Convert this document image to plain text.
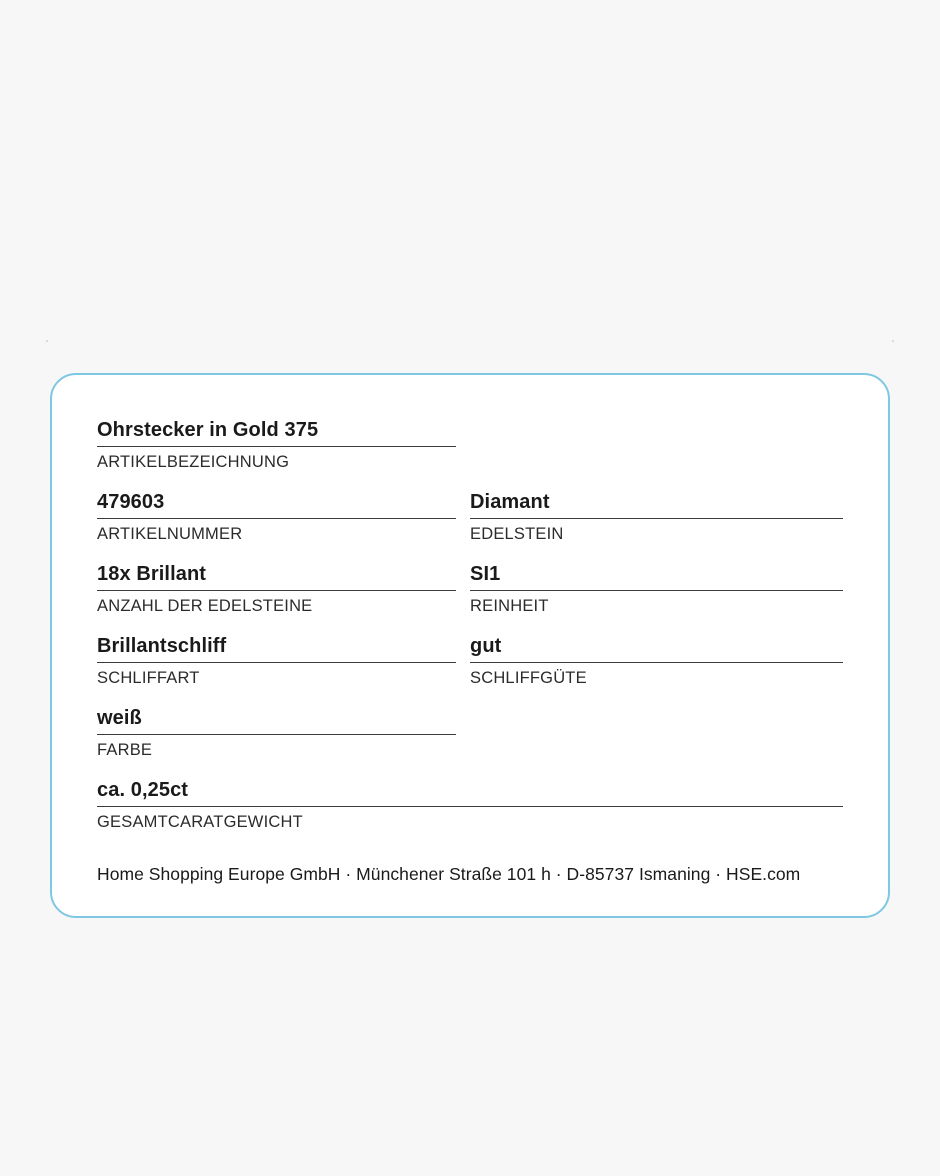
Ohrstecker in Gold 375
ARTIKELBEZEICHNUNG
479603
ARTIKELNUMMER
Diamant
EDELSTEIN
18x Brillant
ANZAHL DER EDELSTEINE
SI1
REINHEIT
Brillantschliff
SCHLIFFART
gut
SCHLIFFGÜTE
weiß
FARBE
ca. 0,25ct
GESAMTCARATGEWICHT
Home Shopping Europe GmbH · Münchener Straße 101 h · D-85737 Ismaning · HSE.com
